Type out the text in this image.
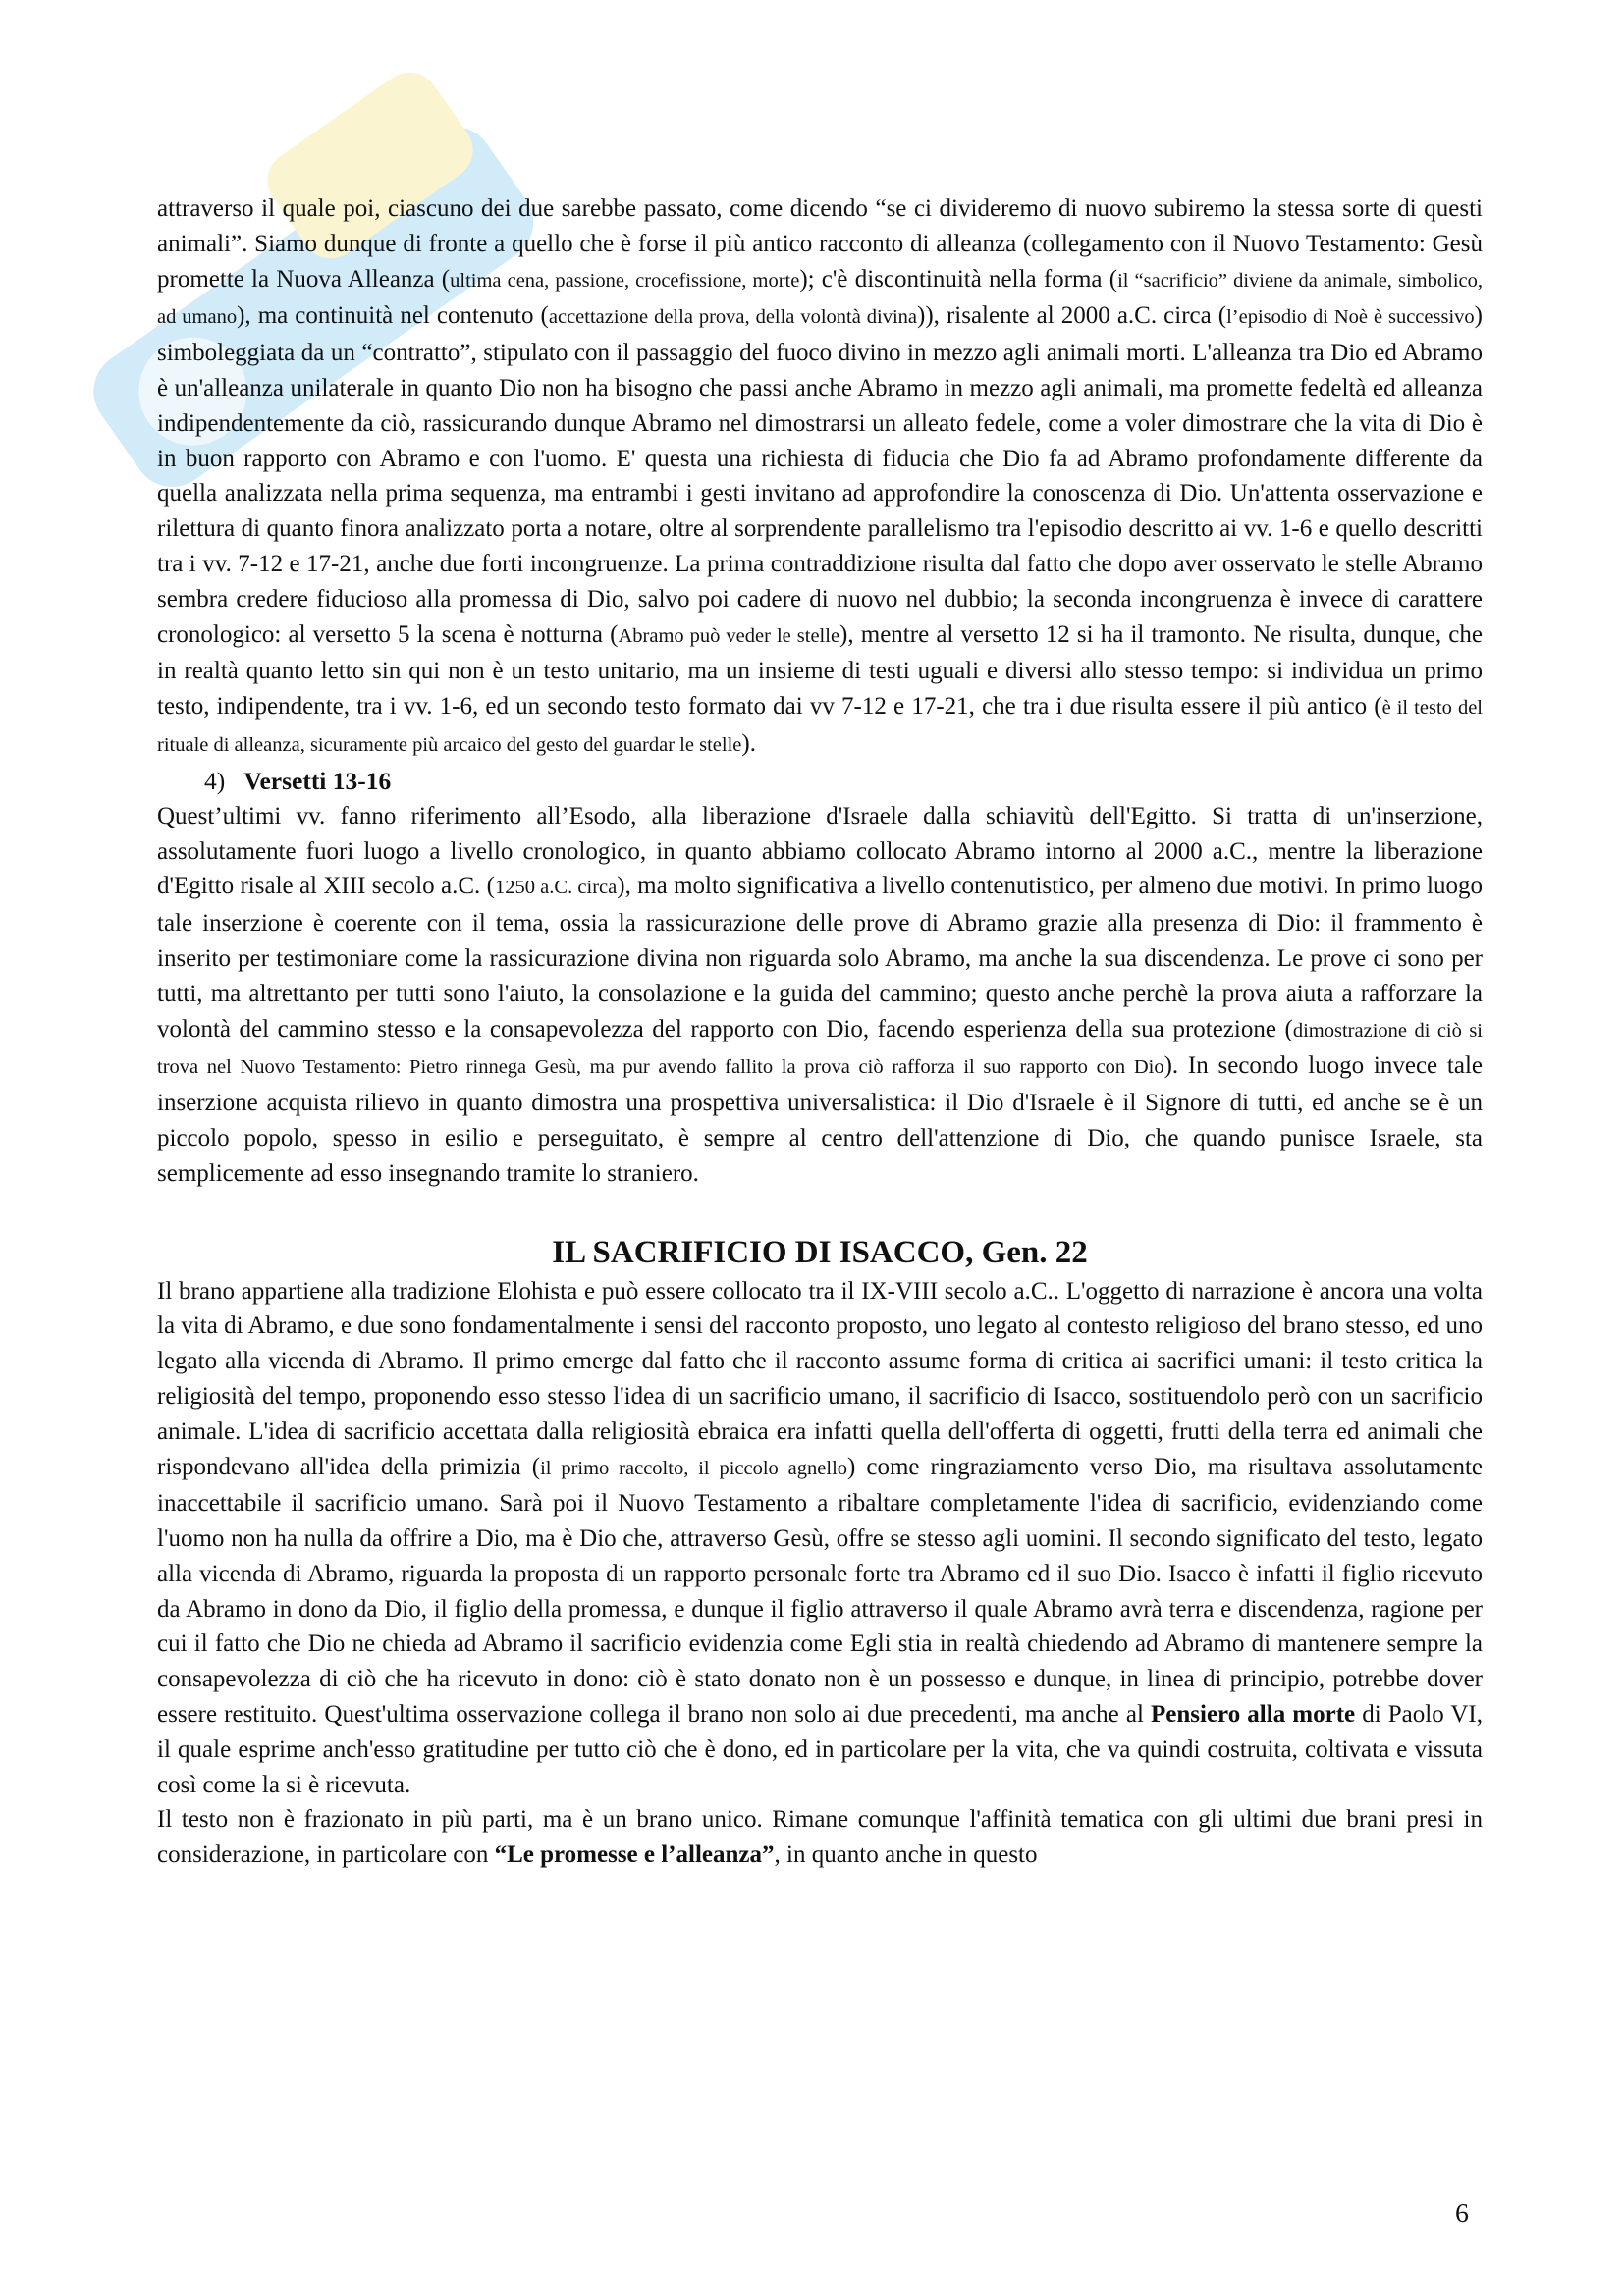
attraverso il quale poi, ciascuno dei due sarebbe passato, come dicendo “se ci divideremo di nuovo subiremo la stessa sorte di questi animali”. Siamo dunque di fronte a quello che è forse il più antico racconto di alleanza (collegamento con il Nuovo Testamento: Gesù promette la Nuova Alleanza (ultima cena, passione, crocefissione, morte); c'è discontinuità nella forma (il “sacrificio” diviene da animale, simbolico, ad umano), ma continuità nel contenuto (accettazione della prova, della volontà divina)), risalente al 2000 a.C. circa (l’episodio di Noè è successivo) simboleggiata da un “contratto”, stipulato con il passaggio del fuoco divino in mezzo agli animali morti. L'alleanza tra Dio ed Abramo è un'alleanza unilaterale in quanto Dio non ha bisogno che passi anche Abramo in mezzo agli animali, ma promette fedeltà ed alleanza indipendentemente da ciò, rassicurando dunque Abramo nel dimostrarsi un alleato fedele, come a voler dimostrare che la vita di Dio è in buon rapporto con Abramo e con l'uomo. E' questa una richiesta di fiducia che Dio fa ad Abramo profondamente differente da quella analizzata nella prima sequenza, ma entrambi i gesti invitano ad approfondire la conoscenza di Dio. Un'attenta osservazione e rilettura di quanto finora analizzato porta a notare, oltre al sorprendente parallelismo tra l'episodio descritto ai vv. 1-6 e quello descritti tra i vv. 7-12 e 17-21, anche due forti incongruenze. La prima contraddizione risulta dal fatto che dopo aver osservato le stelle Abramo sembra credere fiducioso alla promessa di Dio, salvo poi cadere di nuovo nel dubbio; la seconda incongruenza è invece di carattere cronologico: al versetto 5 la scena è notturna (Abramo può veder le stelle), mentre al versetto 12 si ha il tramonto. Ne risulta, dunque, che in realtà quanto letto sin qui non è un testo unitario, ma un insieme di testi uguali e diversi allo stesso tempo: si individua un primo testo, indipendente, tra i vv. 1-6, ed un secondo testo formato dai vv 7-12 e 17-21, che tra i due risulta essere il più antico (è il testo del rituale di alleanza, sicuramente più arcaico del gesto del guardar le stelle).

4) Versetti 13-16

Quest’ultimi vv. fanno riferimento all’Esodo, alla liberazione d'Israele dalla schiavitù dell'Egitto. Si tratta di un'inserzione, assolutamente fuori luogo a livello cronologico, in quanto abbiamo collocato Abramo intorno al 2000 a.C., mentre la liberazione d'Egitto risale al XIII secolo a.C. (1250 a.C. circa), ma molto significativa a livello contenutistico, per almeno due motivi. In primo luogo tale inserzione è coerente con il tema, ossia la rassicurazione delle prove di Abramo grazie alla presenza di Dio: il frammento è inserito per testimoniare come la rassicurazione divina non riguarda solo Abramo, ma anche la sua discendenza. Le prove ci sono per tutti, ma altrettanto per tutti sono l'aiuto, la consolazione e la guida del cammino; questo anche perchè la prova aiuta a rafforzare la volontà del cammino stesso e la consapevolezza del rapporto con Dio, facendo esperienza della sua protezione (dimostrazione di ciò si trova nel Nuovo Testamento: Pietro rinnega Gesù, ma pur avendo fallito la prova ciò rafforza il suo rapporto con Dio). In secondo luogo invece tale inserzione acquista rilievo in quanto dimostra una prospettiva universalistica: il Dio d'Israele è il Signore di tutti, ed anche se è un piccolo popolo, spesso in esilio e perseguitato, è sempre al centro dell'attenzione di Dio, che quando punisce Israele, sta semplicemente ad esso insegnando tramite lo straniero.

IL SACRIFICIO DI ISACCO, Gen. 22

Il brano appartiene alla tradizione Elohista e può essere collocato tra il IX-VIII secolo a.C.. L'oggetto di narrazione è ancora una volta la vita di Abramo, e due sono fondamentalmente i sensi del racconto proposto, uno legato al contesto religioso del brano stesso, ed uno legato alla vicenda di Abramo. Il primo emerge dal fatto che il racconto assume forma di critica ai sacrifici umani: il testo critica la religiosità del tempo, proponendo esso stesso l'idea di un sacrificio umano, il sacrificio di Isacco, sostituendolo però con un sacrificio animale. L'idea di sacrificio accettata dalla religiosità ebraica era infatti quella dell'offerta di oggetti, frutti della terra ed animali che rispondevano all'idea della primizia (il primo raccolto, il piccolo agnello) come ringraziamento verso Dio, ma risultava assolutamente inaccettabile il sacrificio umano. Sarà poi il Nuovo Testamento a ribaltare completamente l'idea di sacrificio, evidenziando come l'uomo non ha nulla da offrire a Dio, ma è Dio che, attraverso Gesù, offre se stesso agli uomini. Il secondo significato del testo, legato alla vicenda di Abramo, riguarda la proposta di un rapporto personale forte tra Abramo ed il suo Dio. Isacco è infatti il figlio ricevuto da Abramo in dono da Dio, il figlio della promessa, e dunque il figlio attraverso il quale Abramo avrà terra e discendenza, ragione per cui il fatto che Dio ne chieda ad Abramo il sacrificio evidenzia come Egli stia in realtà chiedendo ad Abramo di mantenere sempre la consapevolezza di ciò che ha ricevuto in dono: ciò è stato donato non è un possesso e dunque, in linea di principio, potrebbe dover essere restituito. Quest'ultima osservazione collega il brano non solo ai due precedenti, ma anche al Pensiero alla morte di Paolo VI, il quale esprime anch'esso gratitudine per tutto ciò che è dono, ed in particolare per la vita, che va quindi costruita, coltivata e vissuta così come la si è ricevuta.

Il testo non è frazionato in più parti, ma è un brano unico. Rimane comunque l'affinità tematica con gli ultimi due brani presi in considerazione, in particolare con “Le promesse e l’alleanza”, in quanto anche in questo

6
